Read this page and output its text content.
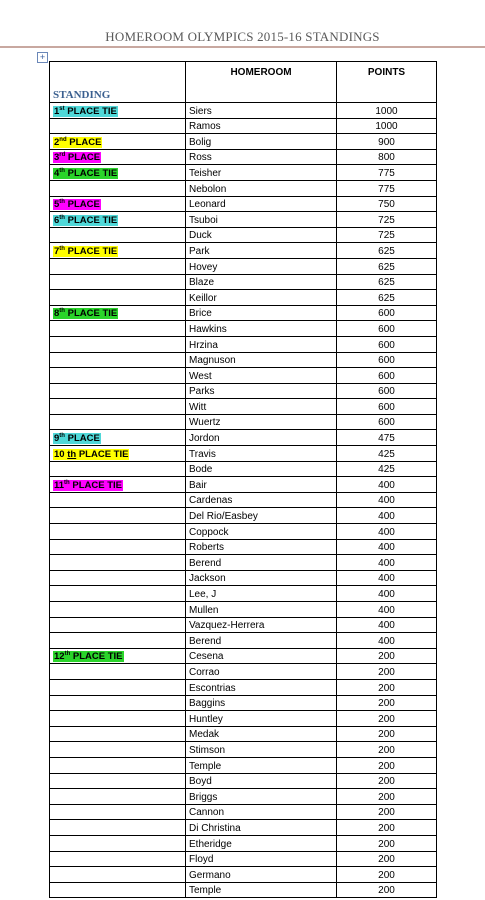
HOMEROOM OLYMPICS 2015-16 STANDINGS
+
STANDING	HOMEROOM	POINTS
1st PLACE TIE	Siers	1000
	Ramos	1000
2nd PLACE	Bolig	900
3rd PLACE	Ross	800
4th PLACE TIE	Teisher	775
	Nebolon	775
5th PLACE	Leonard	750
6th PLACE TIE	Tsuboi	725
	Duck	725
7th PLACE TIE	Park	625
	Hovey	625
	Blaze	625
	Keillor	625
8th PLACE TIE	Brice	600
	Hawkins	600
	Hrzina	600
	Magnuson	600
	West	600
	Parks	600
	Witt	600
	Wuertz	600
9th PLACE	Jordon	475
10 th PLACE TIE	Travis	425
	Bode	425
11th PLACE TIE	Bair	400
	Cardenas	400
	Del Rio/Easbey	400
	Coppock	400
	Roberts	400
	Berend	400
	Jackson	400
	Lee, J	400
	Mullen	400
	Vazquez-Herrera	400
	Berend	400
12th PLACE TIE	Cesena	200
	Corrao	200
	Escontrias	200
	Baggins	200
	Huntley	200
	Medak	200
	Stimson	200
	Temple	200
	Boyd	200
	Briggs	200
	Cannon	200
	Di Christina	200
	Etheridge	200
	Floyd	200
	Germano	200
	Temple	200
